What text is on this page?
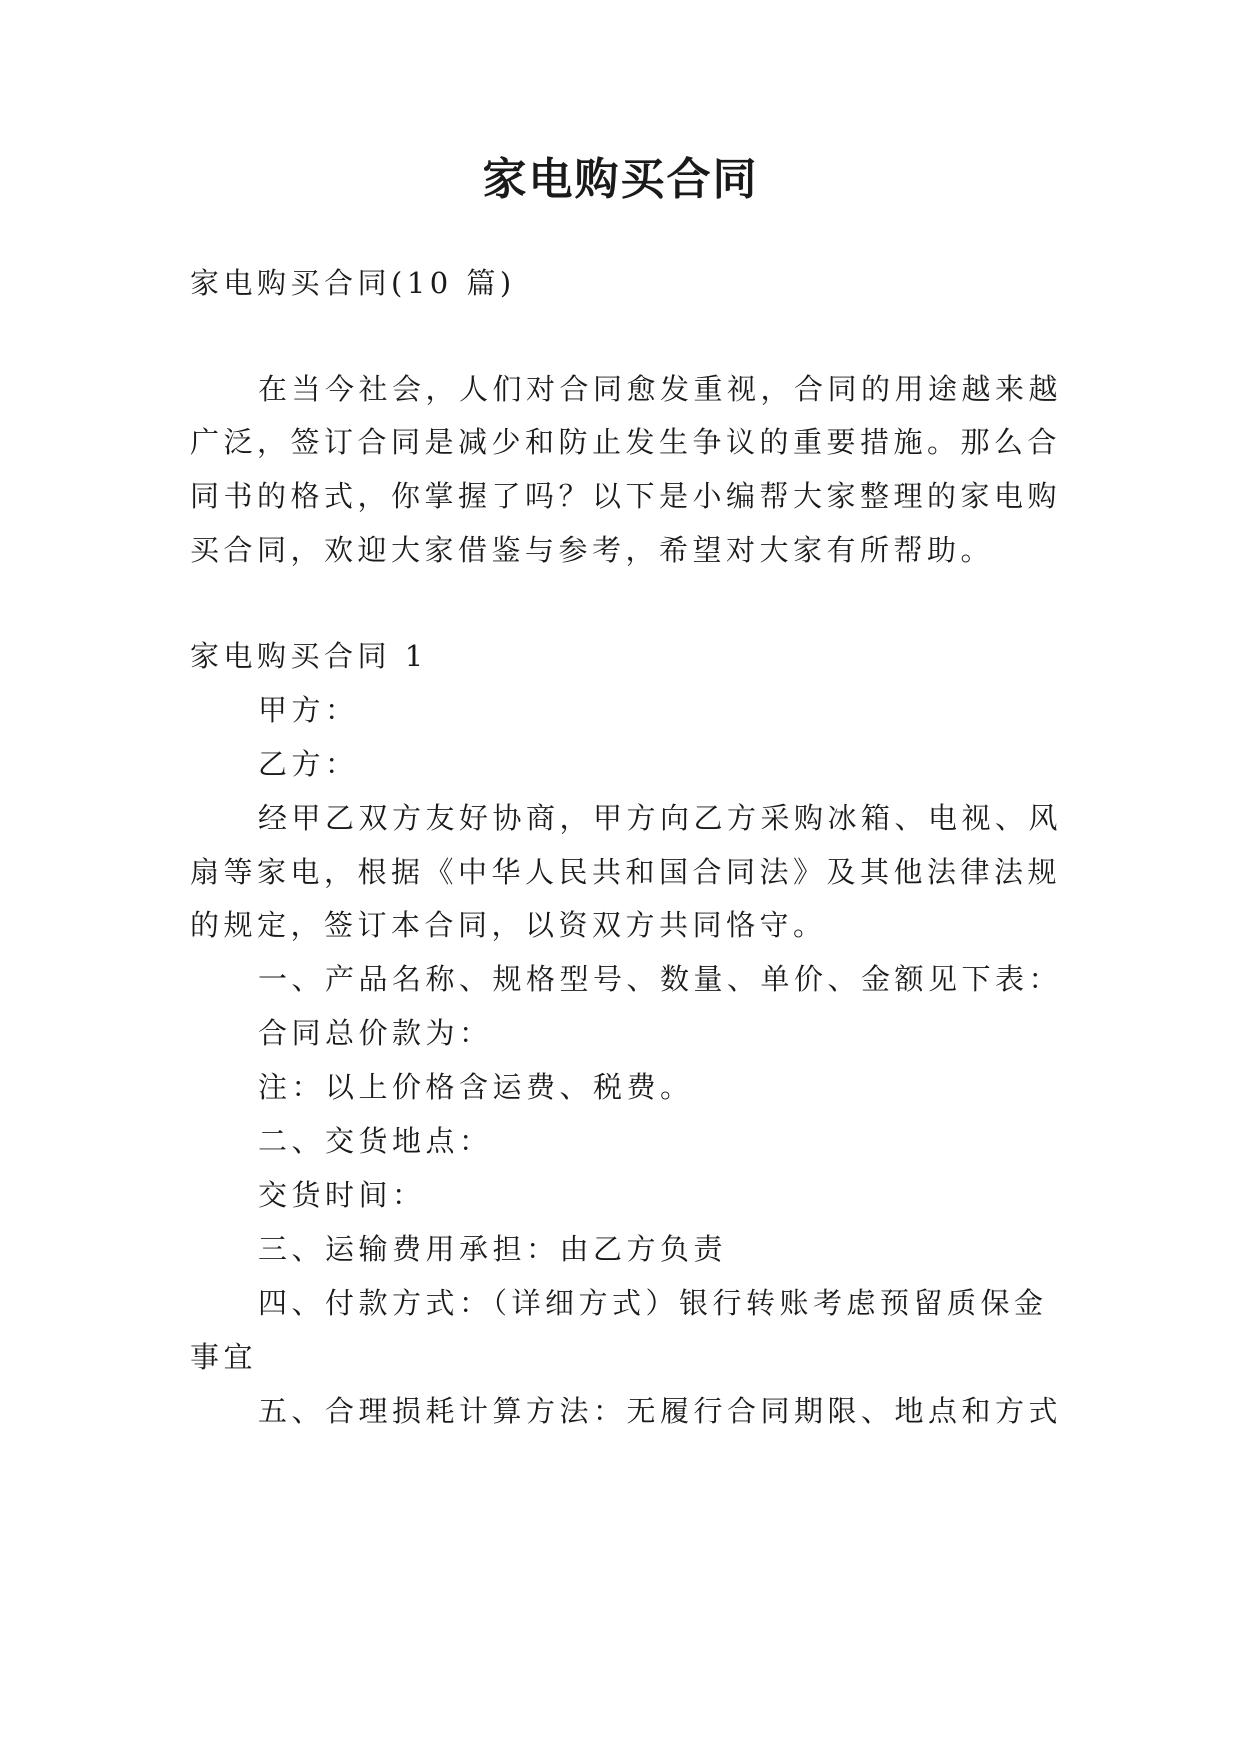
家电购买合同
家电购买合同(10 篇)
在当今社会，人们对合同愈发重视，合同的用途越来越
广泛，签订合同是减少和防止发生争议的重要措施。那么合
同书的格式，你掌握了吗？以下是小编帮大家整理的家电购
买合同，欢迎大家借鉴与参考，希望对大家有所帮助。
家电购买合同 1
甲方：
乙方：
经甲乙双方友好协商，甲方向乙方采购冰箱、电视、风
扇等家电，根据《中华人民共和国合同法》及其他法律法规
的规定，签订本合同，以资双方共同恪守。
一、产品名称、规格型号、数量、单价、金额见下表：
合同总价款为：
注：以上价格含运费、税费。
二、交货地点：
交货时间：
三、运输费用承担：由乙方负责
四、付款方式：（详细方式）银行转账考虑预留质保金
事宜
五、合理损耗计算方法：无履行合同期限、地点和方式
